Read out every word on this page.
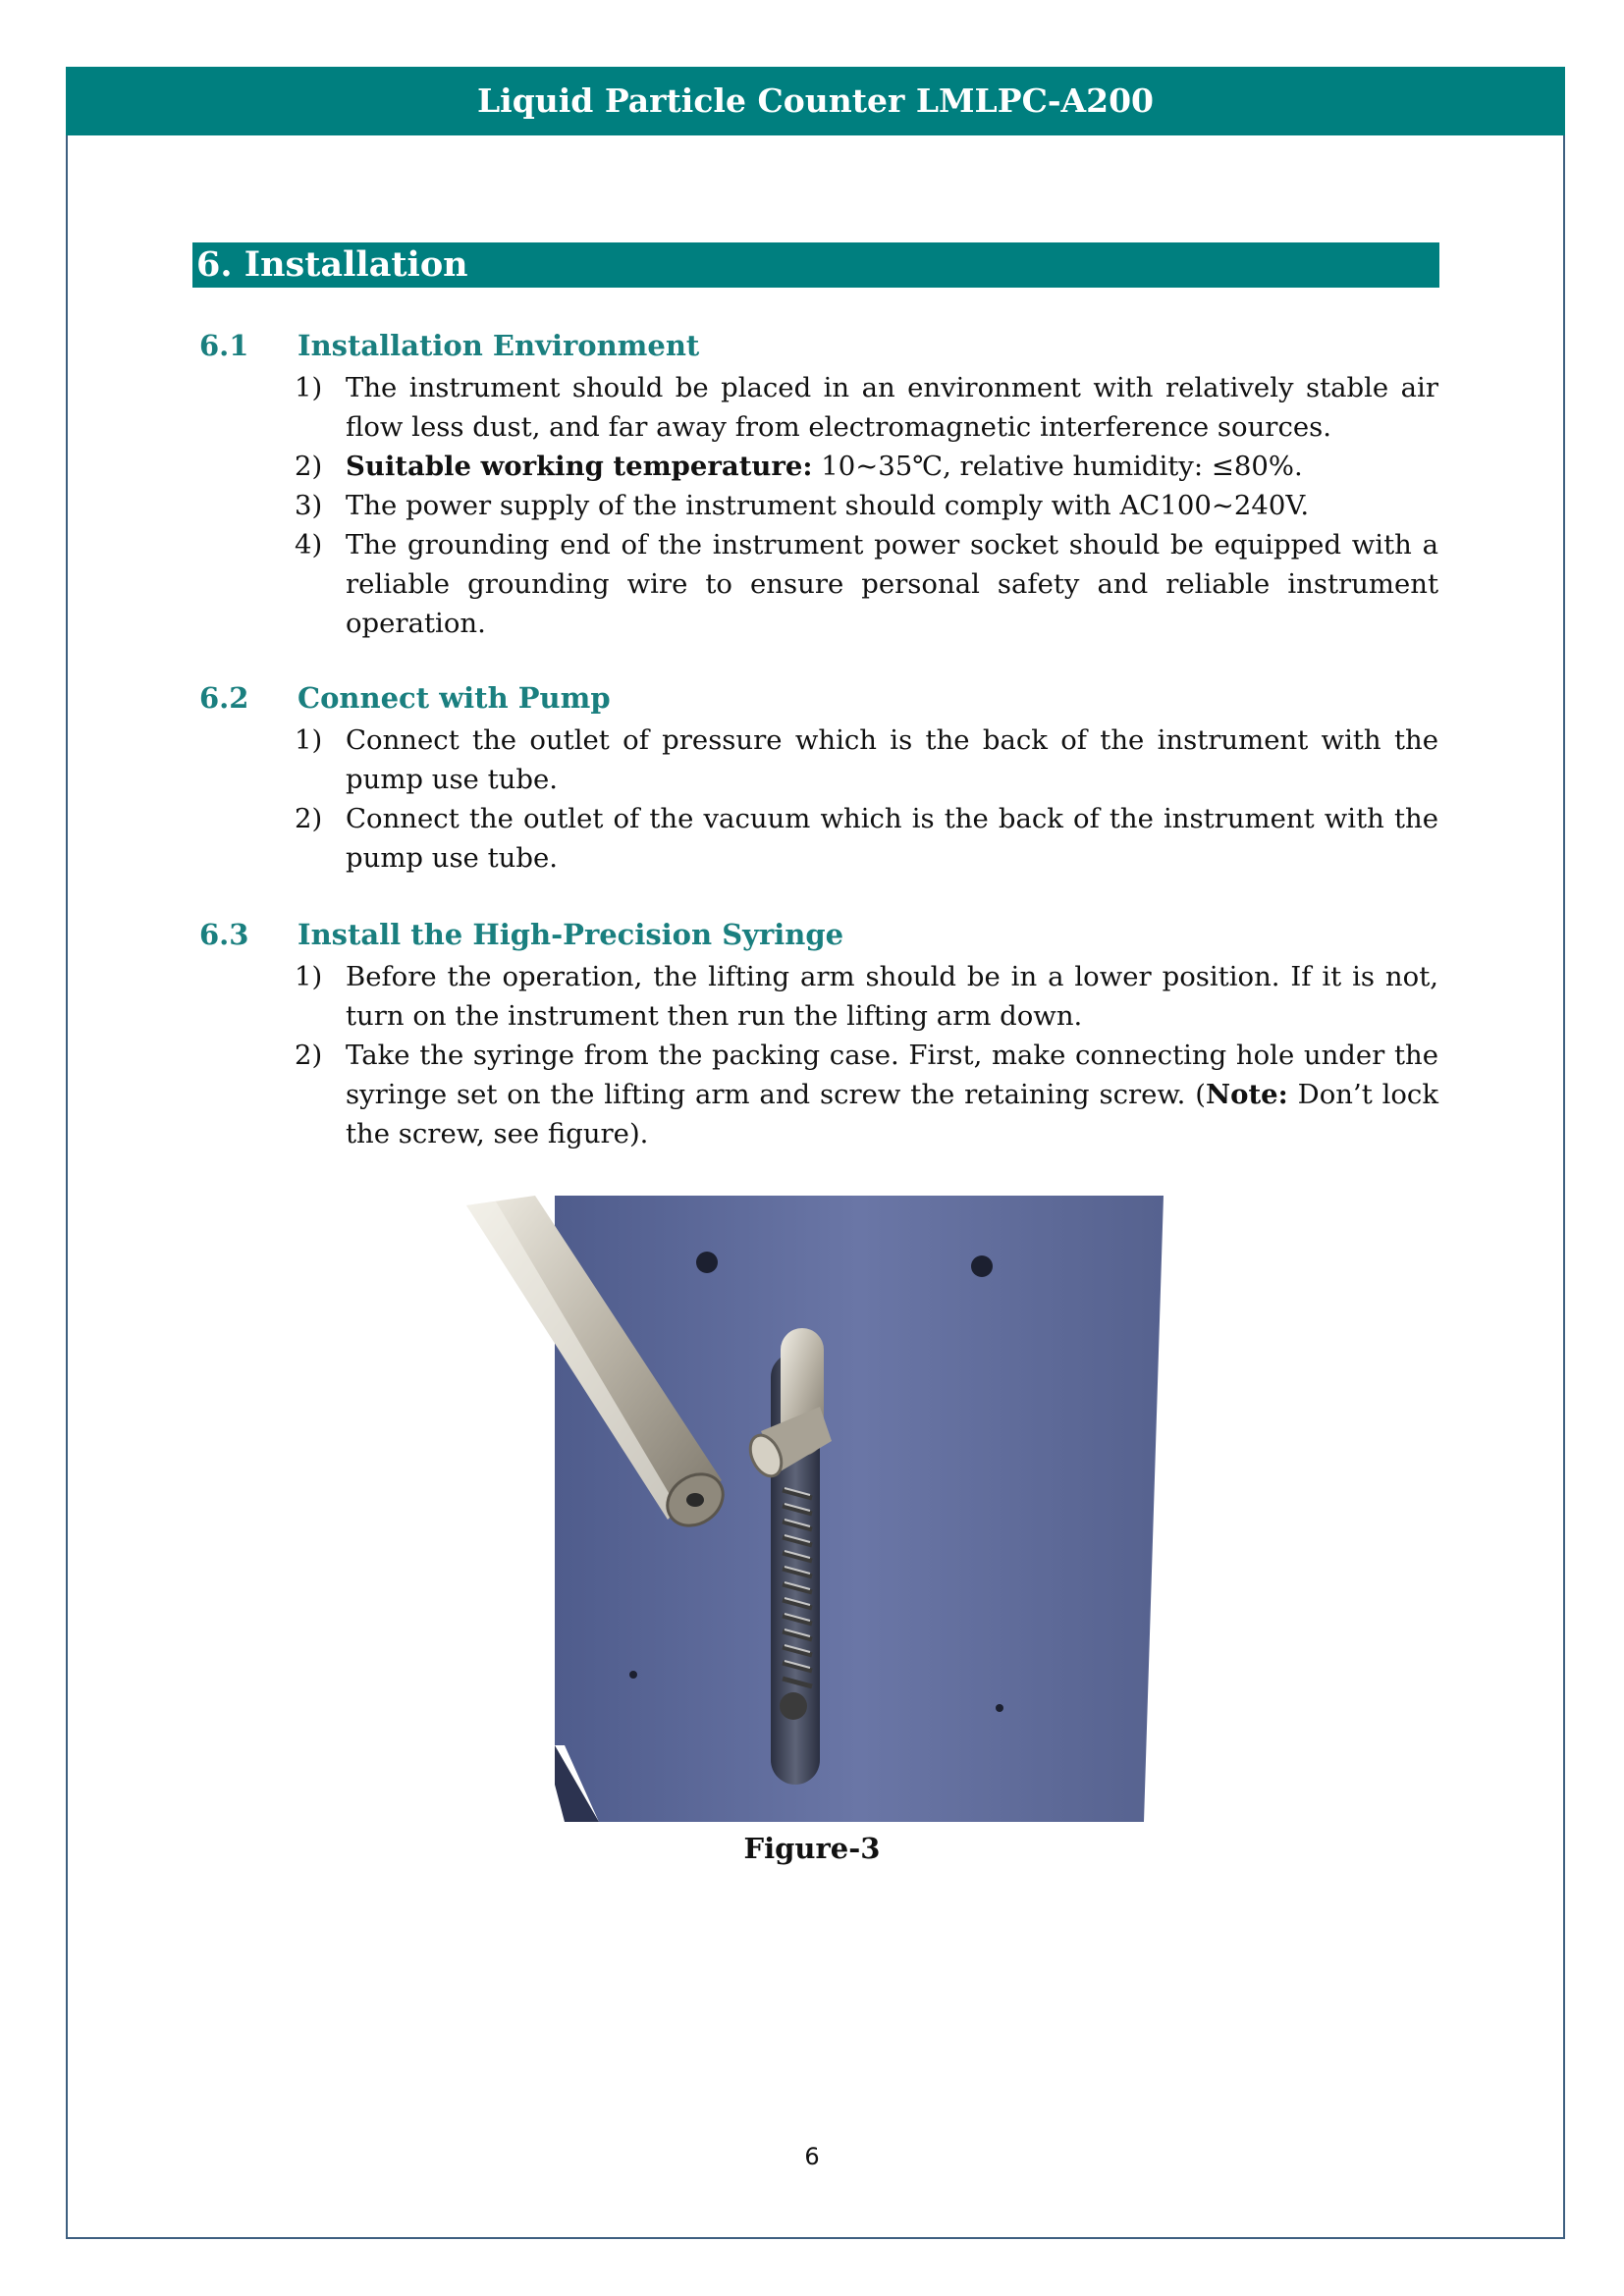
Liquid Particle Counter LMLPC-A200
6. Installation
6.1 Installation Environment
1) The instrument should be placed in an environment with relatively stable air flow less dust, and far away from electromagnetic interference sources.
2) Suitable working temperature: 10~35℃, relative humidity: ≤80%.
3) The power supply of the instrument should comply with AC100~240V.
4) The grounding end of the instrument power socket should be equipped with a reliable grounding wire to ensure personal safety and reliable instrument operation.
6.2 Connect with Pump
1) Connect the outlet of pressure which is the back of the instrument with the pump use tube.
2) Connect the outlet of the vacuum which is the back of the instrument with the pump use tube.
6.3 Install the High-Precision Syringe
1) Before the operation, the lifting arm should be in a lower position. If it is not, turn on the instrument then run the lifting arm down.
2) Take the syringe from the packing case. First, make connecting hole under the syringe set on the lifting arm and screw the retaining screw. (Note: Don’t lock the screw, see figure).
Figure-3
6
